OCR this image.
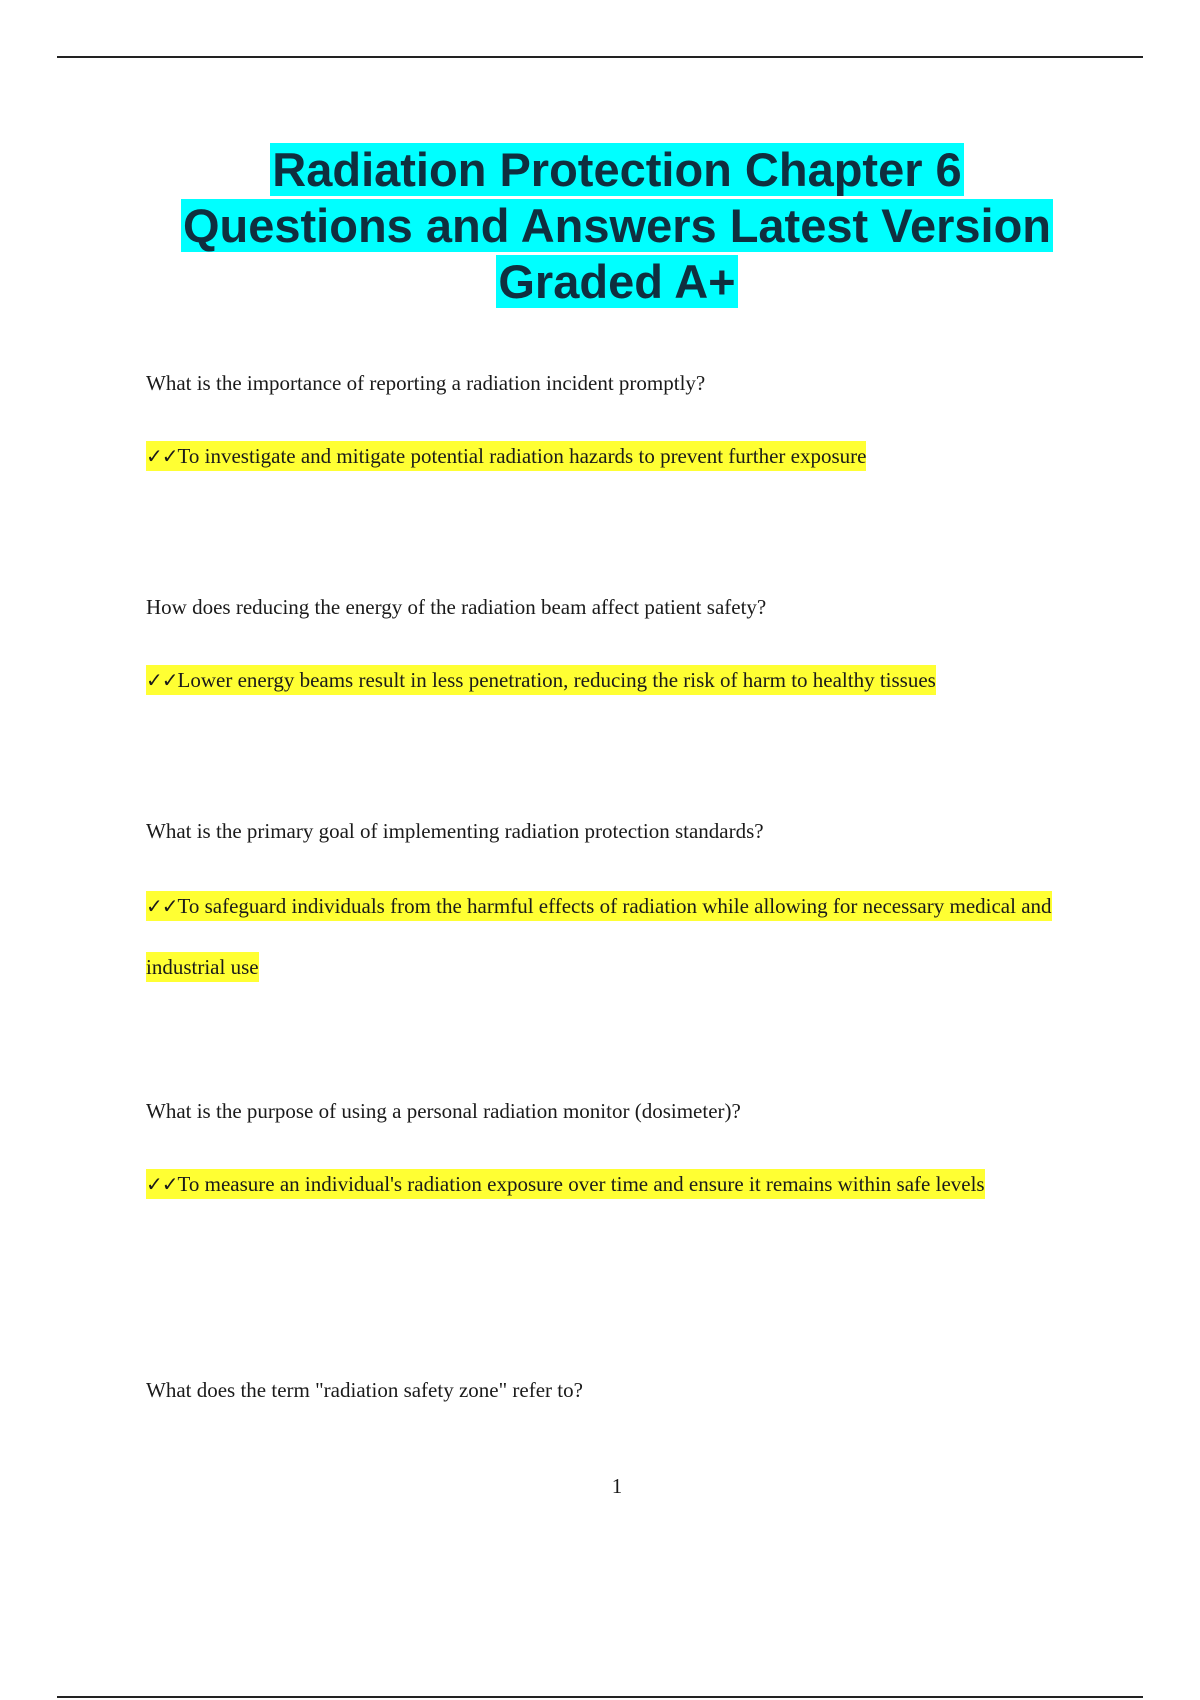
Radiation Protection Chapter 6
Questions and Answers Latest Version
Graded A+

What is the importance of reporting a radiation incident promptly?

✓✓To investigate and mitigate potential radiation hazards to prevent further exposure

How does reducing the energy of the radiation beam affect patient safety?

✓✓Lower energy beams result in less penetration, reducing the risk of harm to healthy tissues

What is the primary goal of implementing radiation protection standards?

✓✓To safeguard individuals from the harmful effects of radiation while allowing for necessary medical and industrial use

What is the purpose of using a personal radiation monitor (dosimeter)?

✓✓To measure an individual's radiation exposure over time and ensure it remains within safe levels

What does the term "radiation safety zone" refer to?

1
